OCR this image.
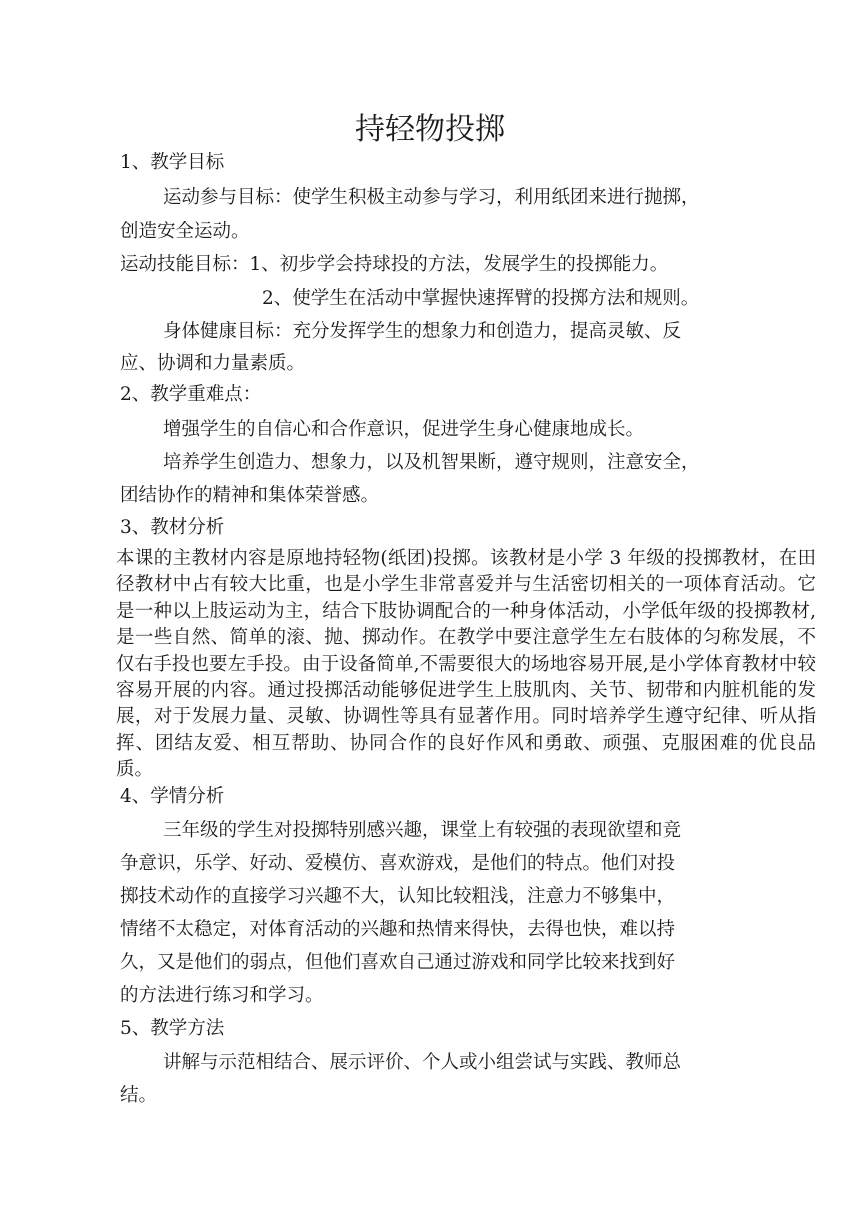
持轻物投掷
1、教学目标
运动参与目标：使学生积极主动参与学习，利用纸团来进行抛掷，
创造安全运动。
运动技能目标：1、初步学会持球投的方法，发展学生的投掷能力。
2、使学生在活动中掌握快速挥臂的投掷方法和规则。
身体健康目标：充分发挥学生的想象力和创造力，提高灵敏、反
应、协调和力量素质。
2、教学重难点：
增强学生的自信心和合作意识，促进学生身心健康地成长。
培养学生创造力、想象力，以及机智果断，遵守规则，注意安全，
团结协作的精神和集体荣誉感。
3、教材分析
本课的主教材内容是原地持轻物(纸团)投掷。该教材是小学 3 年级的投掷教材，在田径教材中占有较大比重，也是小学生非常喜爱并与生活密切相关的一项体育活动。它是一种以上肢运动为主，结合下肢协调配合的一种身体活动，小学低年级的投掷教材,是一些自然、简单的滚、抛、掷动作。在教学中要注意学生左右肢体的匀称发展，不仅右手投也要左手投。由于设备简单,不需要很大的场地容易开展,是小学体育教材中较容易开展的内容。通过投掷活动能够促进学生上肢肌肉、关节、韧带和内脏机能的发展，对于发展力量、灵敏、协调性等具有显著作用。同时培养学生遵守纪律、听从指挥、团结友爱、相互帮助、协同合作的良好作风和勇敢、顽强、克服困难的优良品质。
4、学情分析
三年级的学生对投掷特别感兴趣，课堂上有较强的表现欲望和竞
争意识，乐学、好动、爱模仿、喜欢游戏，是他们的特点。他们对投
掷技术动作的直接学习兴趣不大，认知比较粗浅，注意力不够集中，
情绪不太稳定，对体育活动的兴趣和热情来得快，去得也快，难以持
久，又是他们的弱点，但他们喜欢自己通过游戏和同学比较来找到好
的方法进行练习和学习。
5、教学方法
讲解与示范相结合、展示评价、个人或小组尝试与实践、教师总
结。
